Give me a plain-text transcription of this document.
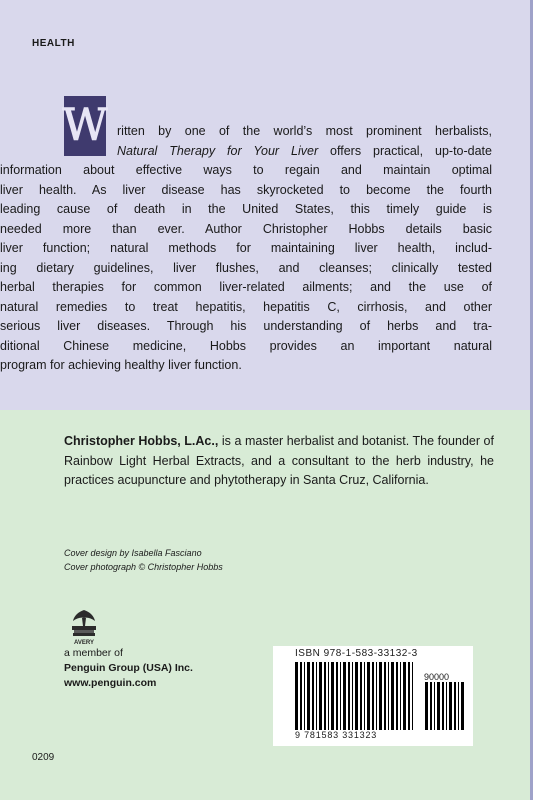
HEALTH
W ritten by one of the world’s most prominent herbalists,
Natural Therapy for Your Liver offers practical, up-to-date
information about effective ways to regain and maintain optimal
liver health. As liver disease has skyrocketed to become the fourth
leading cause of death in the United States, this timely guide is
needed more than ever. Author Christopher Hobbs details basic
liver function; natural methods for maintaining liver health, includ-
ing dietary guidelines, liver flushes, and cleanses; clinically tested
herbal therapies for common liver-related ailments; and the use of
natural remedies to treat hepatitis, hepatitis C, cirrhosis, and other
serious liver diseases. Through his understanding of herbs and tra-
ditional Chinese medicine, Hobbs provides an important natural
program for achieving healthy liver function.
Christopher Hobbs, L.Ac., is a master herbalist and botanist. The founder of Rainbow Light Herbal Extracts, and a consultant to the herb industry, he practices acupuncture and phytotherapy in Santa Cruz, California.
Cover design by Isabella Fasciano
Cover photograph © Christopher Hobbs
AVERY
a member of
Penguin Group (USA) Inc.
www.penguin.com
ISBN 978-1-583-33132-3
90000
9 781583 331323
0209
